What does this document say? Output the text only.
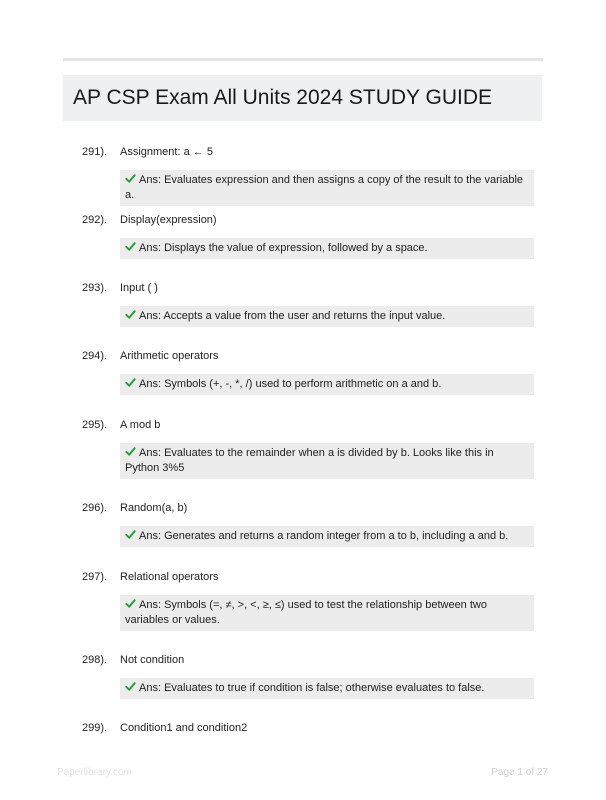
AP CSP Exam All Units 2024 STUDY GUIDE
291). Assignment: a ← 5
Ans: Evaluates expression and then assigns a copy of the result to the variable a.
292). Display(expression)
Ans: Displays the value of expression, followed by a space.
293). Input ( )
Ans: Accepts a value from the user and returns the input value.
294). Arithmetic operators
Ans: Symbols (+, -, *, /) used to perform arithmetic on a and b.
295). A mod b
Ans: Evaluates to the remainder when a is divided by b. Looks like this in Python 3%5
296). Random(a, b)
Ans: Generates and returns a random integer from a to b, including a and b.
297). Relational operators
Ans: Symbols (=, ≠, >, <, ≥, ≤) used to test the relationship between two variables or values.
298). Not condition
Ans: Evaluates to true if condition is false; otherwise evaluates to false.
299). Condition1 and condition2
Paperlibrary.com	Page 1 of 27
